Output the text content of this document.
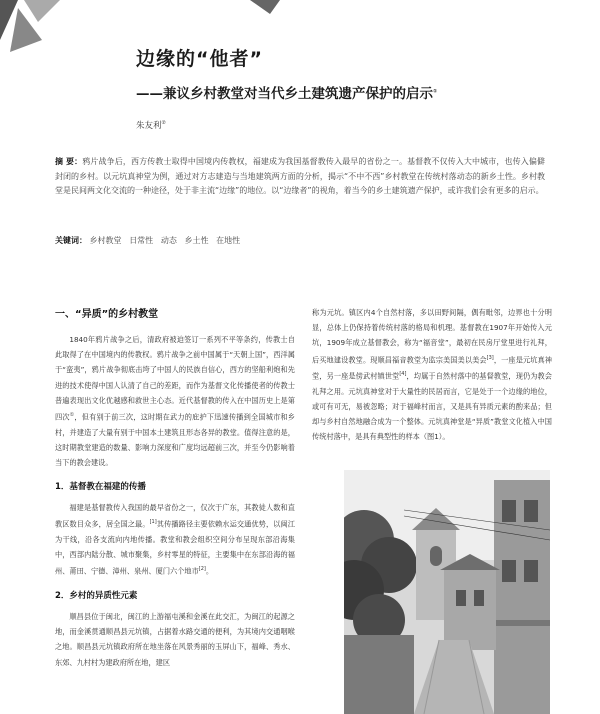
边缘的“他者”
——兼议乡村教堂对当代乡土建筑遗产保护的启示①
朱友利②
摘 要：鸦片战争后，西方传教士取得中国境内传教权，福建成为我国基督教传入最早的省份之一。基督教不仅传入大中城市，也传入偏僻封闭的乡村。以元坑真神堂为例，通过对方志建造与当地建筑两方面的分析，揭示“不中不西”乡村教堂在传统村落动态的新乡土性。乡村教堂是民间两文化交流的一种途径，处于非主流“边缘”的地位。以“边缘者”的视角，着当今的乡土建筑遗产保护，或许我们会有更多的启示。
关键词： 乡村教堂 日常性 动态 乡土性 在地性
一、“异质”的乡村教堂

1840年鸦片战争之后，清政府被迫签订一系列不平等条约，传教士自此取得了在中国境内的传教权。鸦片战争之前中国属于“天朝上国”，西洋属于“蛮夷”，鸦片战争彻底击垮了中国人的民族自信心，西方的坚船利炮和先进的技术使得中国人认清了自己的差距，而作为基督文化传播使者的传教士普遍表现出文化优越感和救世主心态。近代基督教的传入在中国历史上是第四次①，但有别于前三次，这时期在武力的庇护下迅速传播到全国城市和乡村，并建造了大量有别于中国本土建筑且形态各异的教堂。值得注意的是，这时期教堂建造的数量、影响力深度和广度均远超前三次，并至今仍影响着当下的教会建设。

1．基督教在福建的传播

福建是基督教传入我国的最早省份之一，仅次于广东，其教徒人数和直教区数目众多，居全国之最。[1]其传播路径主要依赖水运交通优势，以闽江为干线，沿各支流向内地传播。教堂和教会组织空间分布呈现东部沿海集中，西部内陆分散、城市聚集，乡村零星的特征，主要集中在东部沿海的福州、莆田、宁德、漳州、泉州、厦门六个地市[2]。

2．乡村的异质性元素

顺昌县位于闽北，闽江的上游福屯溪和金溪在此交汇，为闽江的起源之地，而金溪贯通顺昌县元坑镇，占据着水路交通的便利，为其境内交通咽喉之地。顺昌县元坑镇政府所在地坐落在风景秀丽的玉屏山下，福峰、秀水、东郊、九村村为建政府所在地，建区

称为元坑。镇区内4个自然村落，多以田野间隔，偶有毗邻，边界也十分明显，总体上仍保持着传统村落的格局和机理。基督教在1907年开始传入元坑，1909年成立基督教会，称为“福音堂”，最初在民房厅堂里进行礼拜，后买地建设教堂。现顺昌福音教堂为监宗美国美以美会[3]，一座是元坑真神堂，另一座是傍武村镇世堂[4]，均属于自然村落中的基督教堂，现仍为教会礼拜之用。元坑真神堂对于大量性的民居而言，它是处于一个边缘的地位，或可有可无，易被忽略；对于福峰村而言，又是具有异质元素的酌来品；但却与乡村自然地融合成为一个整体。元坑真神堂是“异质”教堂文化植入中国传统村落中，是具有典型性的样本（图1）。
